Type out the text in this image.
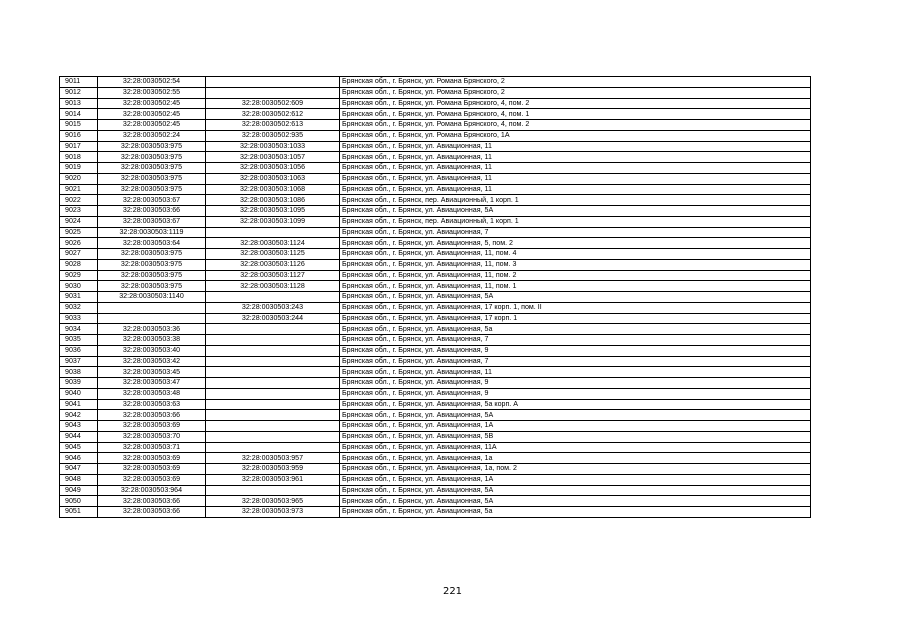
9011	32:28:0030502:54		Брянская обл., г. Брянск, ул. Романа Брянского, 2
9012	32:28:0030502:55		Брянская обл., г. Брянск, ул. Романа Брянского, 2
9013	32:28:0030502:45	32:28:0030502:609	Брянская обл., г. Брянск, ул. Романа Брянского, 4, пом. 2
9014	32:28:0030502:45	32:28:0030502:612	Брянская обл., г. Брянск, ул. Романа Брянского, 4, пом. 1
9015	32:28:0030502:45	32:28:0030502:613	Брянская обл., г. Брянск, ул. Романа Брянского, 4, пом. 2
9016	32:28:0030502:24	32:28:0030502:935	Брянская обл., г. Брянск, ул. Романа Брянского, 1А
9017	32:28:0030503:975	32:28:0030503:1033	Брянская обл., г. Брянск, ул. Авиационная, 11
9018	32:28:0030503:975	32:28:0030503:1057	Брянская обл., г. Брянск, ул. Авиационная, 11
9019	32:28:0030503:975	32:28:0030503:1056	Брянская обл., г. Брянск, ул. Авиационная, 11
9020	32:28:0030503:975	32:28:0030503:1063	Брянская обл., г. Брянск, ул. Авиационная, 11
9021	32:28:0030503:975	32:28:0030503:1068	Брянская обл., г. Брянск, ул. Авиационная, 11
9022	32:28:0030503:67	32:28:0030503:1086	Брянская обл., г. Брянск, пер. Авиационный, 1 корп. 1
9023	32:28:0030503:66	32:28:0030503:1095	Брянская обл., г. Брянск, ул. Авиационная, 5А
9024	32:28:0030503:67	32:28:0030503:1099	Брянская обл., г. Брянск, пер. Авиационный, 1 корп. 1
9025	32:28:0030503:1119		Брянская обл., г. Брянск, ул. Авиационная, 7
9026	32:28:0030503:64	32:28:0030503:1124	Брянская обл., г. Брянск, ул. Авиационная, 5, пом. 2
9027	32:28:0030503:975	32:28:0030503:1125	Брянская обл., г. Брянск, ул. Авиационная, 11, пом. 4
9028	32:28:0030503:975	32:28:0030503:1126	Брянская обл., г. Брянск, ул. Авиационная, 11, пом. 3
9029	32:28:0030503:975	32:28:0030503:1127	Брянская обл., г. Брянск, ул. Авиационная, 11, пом. 2
9030	32:28:0030503:975	32:28:0030503:1128	Брянская обл., г. Брянск, ул. Авиационная, 11, пом. 1
9031	32:28:0030503:1140		Брянская обл., г. Брянск, ул. Авиационная, 5А
9032		32:28:0030503:243	Брянская обл., г. Брянск, ул. Авиационная, 17 корп. 1, пом. II
9033		32:28:0030503:244	Брянская обл., г. Брянск, ул. Авиационная, 17 корп. 1
9034	32:28:0030503:36		Брянская обл., г. Брянск, ул. Авиационная, 5а
9035	32:28:0030503:38		Брянская обл., г. Брянск, ул. Авиационная, 7
9036	32:28:0030503:40		Брянская обл., г. Брянск, ул. Авиационная, 9
9037	32:28:0030503:42		Брянская обл., г. Брянск, ул. Авиационная, 7
9038	32:28:0030503:45		Брянская обл., г. Брянск, ул. Авиационная, 11
9039	32:28:0030503:47		Брянская обл., г. Брянск, ул. Авиационная, 9
9040	32:28:0030503:48		Брянская обл., г. Брянск, ул. Авиационная, 9
9041	32:28:0030503:63		Брянская обл., г. Брянск, ул. Авиационная, 5а корп. А
9042	32:28:0030503:66		Брянская обл., г. Брянск, ул. Авиационная, 5А
9043	32:28:0030503:69		Брянская обл., г. Брянск, ул. Авиационная, 1А
9044	32:28:0030503:70		Брянская обл., г. Брянск, ул. Авиационная, 5В
9045	32:28:0030503:71		Брянская обл., г. Брянск, ул. Авиационная, 11А
9046	32:28:0030503:69	32:28:0030503:957	Брянская обл., г. Брянск, ул. Авиационная, 1а
9047	32:28:0030503:69	32:28:0030503:959	Брянская обл., г. Брянск, ул. Авиационная, 1а, пом. 2
9048	32:28:0030503:69	32:28:0030503:961	Брянская обл., г. Брянск, ул. Авиационная, 1А
9049	32:28:0030503:964		Брянская обл., г. Брянск, ул. Авиационная, 5А
9050	32:28:0030503:66	32:28:0030503:965	Брянская обл., г. Брянск, ул. Авиационная, 5А
9051	32:28:0030503:66	32:28:0030503:973	Брянская обл., г. Брянск, ул. Авиационная, 5а
221
